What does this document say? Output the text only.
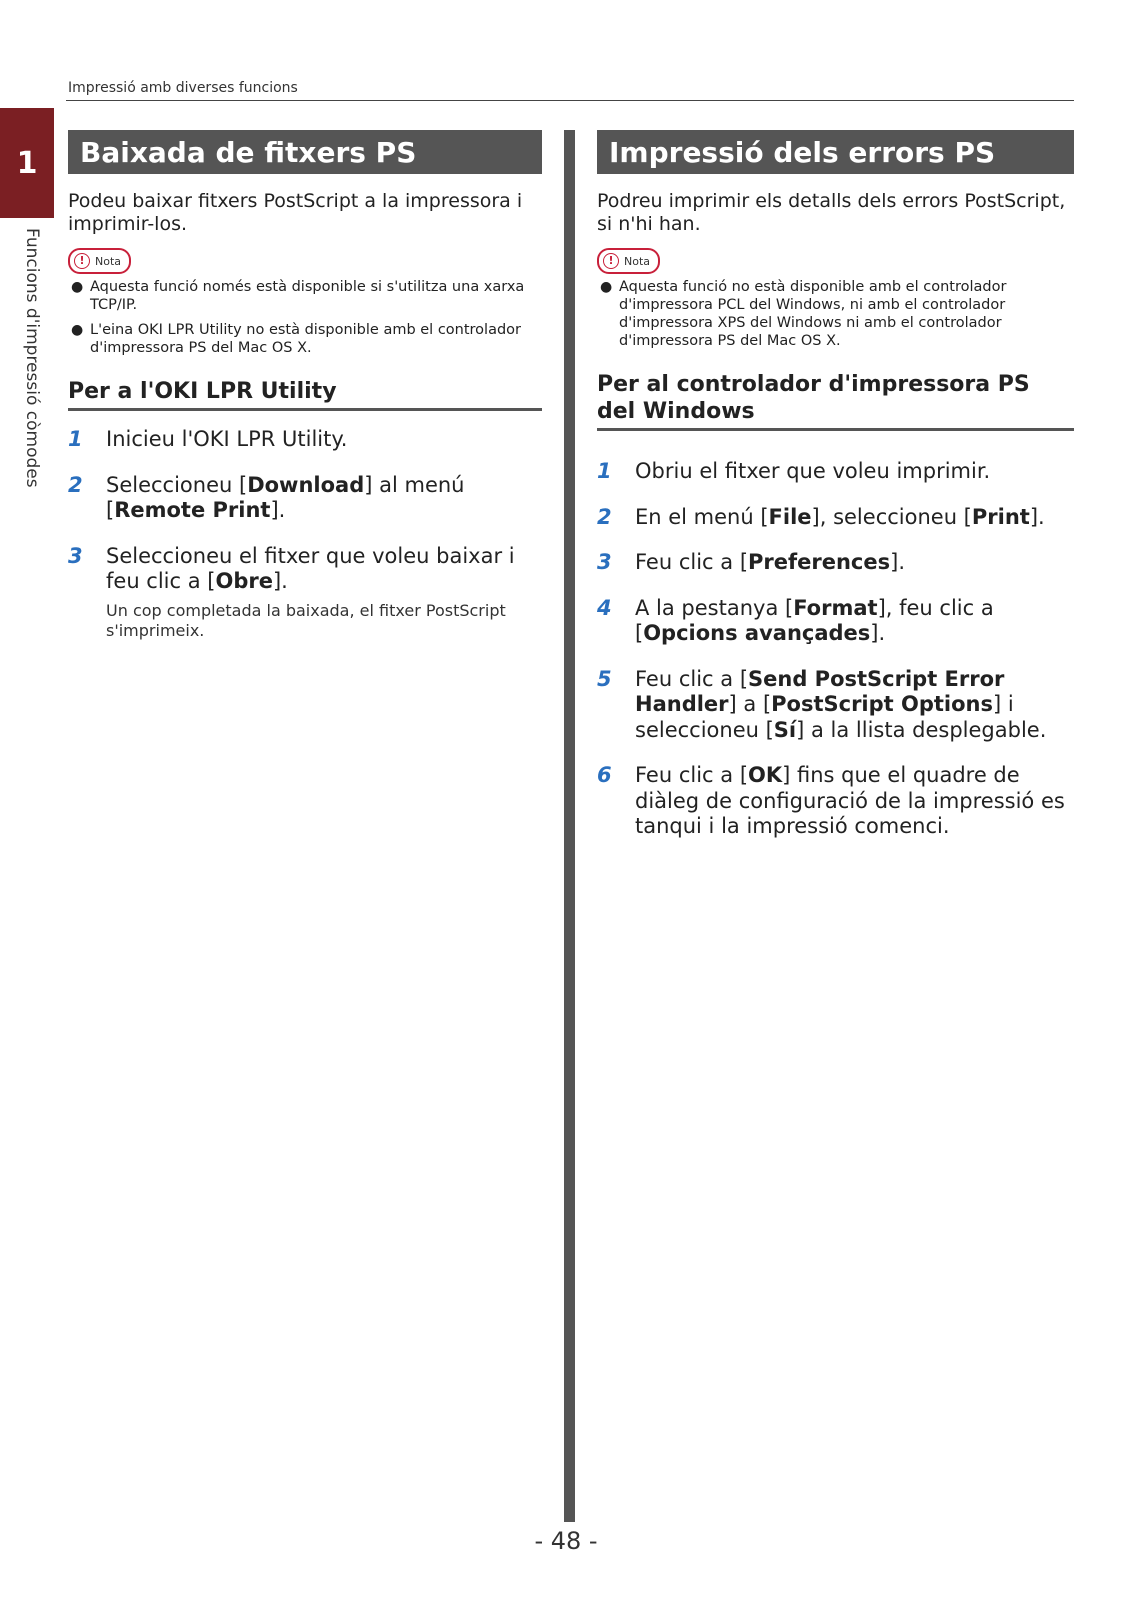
Impressió amb diverses funcions
1
Funcions d'impressió còmodes
Baixada de fitxers PS
Podeu baixar fitxers PostScript a la impressora i imprimir-los.
! Nota
● Aquesta funció només està disponible si s'utilitza una xarxa TCP/IP.
● L'eina OKI LPR Utility no està disponible amb el controlador d'impressora PS del Mac OS X.
Per a l'OKI LPR Utility
1 Inicieu l'OKI LPR Utility.
2 Seleccioneu [Download] al menú [Remote Print].
3 Seleccioneu el fitxer que voleu baixar i feu clic a [Obre].
Un cop completada la baixada, el fitxer PostScript s'imprimeix.
Impressió dels errors PS
Podreu imprimir els detalls dels errors PostScript, si n'hi han.
! Nota
● Aquesta funció no està disponible amb el controlador d'impressora PCL del Windows, ni amb el controlador d'impressora XPS del Windows ni amb el controlador d'impressora PS del Mac OS X.
Per al controlador d'impressora PS del Windows
1 Obriu el fitxer que voleu imprimir.
2 En el menú [File], seleccioneu [Print].
3 Feu clic a [Preferences].
4 A la pestanya [Format], feu clic a [Opcions avançades].
5 Feu clic a [Send PostScript Error Handler] a [PostScript Options] i seleccioneu [Sí] a la llista desplegable.
6 Feu clic a [OK] fins que el quadre de diàleg de configuració de la impressió es tanqui i la impressió comenci.
- 48 -
